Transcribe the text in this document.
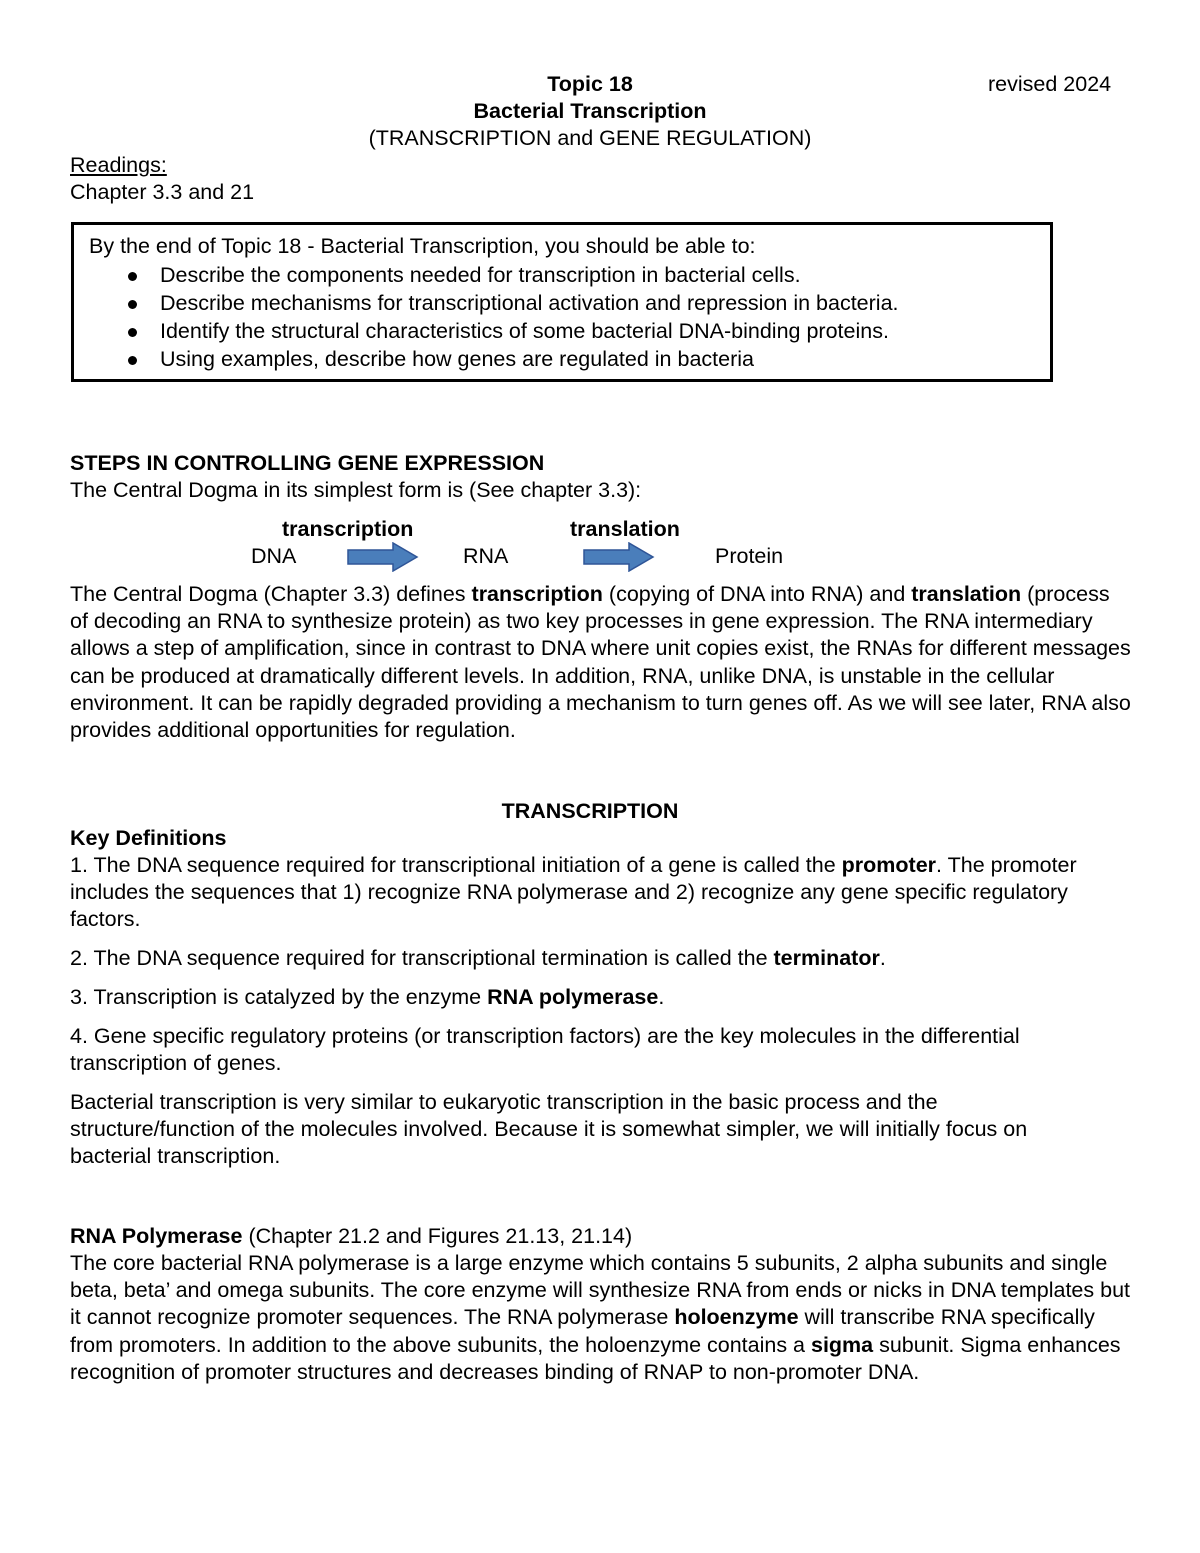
Topic 18	revised 2024
Bacterial Transcription
(TRANSCRIPTION and GENE REGULATION)
Readings:
Chapter 3.3 and 21
By the end of Topic 18 - Bacterial Transcription, you should be able to:
Describe the components needed for transcription in bacterial cells.
Describe mechanisms for transcriptional activation and repression in bacteria.
Identify the structural characteristics of some bacterial DNA-binding proteins.
Using examples, describe how genes are regulated in bacteria
STEPS IN CONTROLLING GENE EXPRESSION
The Central Dogma in its simplest form is (See chapter 3.3):
transcription	translation
DNA	RNA	Protein

The Central Dogma (Chapter 3.3) defines transcription (copying of DNA into RNA) and translation (process of decoding an RNA to synthesize protein) as two key processes in gene expression. The RNA intermediary allows a step of amplification, since in contrast to DNA where unit copies exist, the RNAs for different messages can be produced at dramatically different levels. In addition, RNA, unlike DNA, is unstable in the cellular environment. It can be rapidly degraded providing a mechanism to turn genes off. As we will see later, RNA also provides additional opportunities for regulation.

TRANSCRIPTION
Key Definitions

1. The DNA sequence required for transcriptional initiation of a gene is called the promoter. The promoter includes the sequences that 1) recognize RNA polymerase and 2) recognize any gene specific regulatory factors.

2. The DNA sequence required for transcriptional termination is called the terminator.

3. Transcription is catalyzed by the enzyme RNA polymerase.

4. Gene specific regulatory proteins (or transcription factors) are the key molecules in the differential transcription of genes.

Bacterial transcription is very similar to eukaryotic transcription in the basic process and the structure/function of the molecules involved. Because it is somewhat simpler, we will initially focus on bacterial transcription.

RNA Polymerase (Chapter 21.2 and Figures 21.13, 21.14)

The core bacterial RNA polymerase is a large enzyme which contains 5 subunits, 2 alpha subunits and single beta, beta’ and omega subunits. The core enzyme will synthesize RNA from ends or nicks in DNA templates but it cannot recognize promoter sequences. The RNA polymerase holoenzyme will transcribe RNA specifically from promoters. In addition to the above subunits, the holoenzyme contains a sigma subunit. Sigma enhances recognition of promoter structures and decreases binding of RNAP to non-promoter DNA.
